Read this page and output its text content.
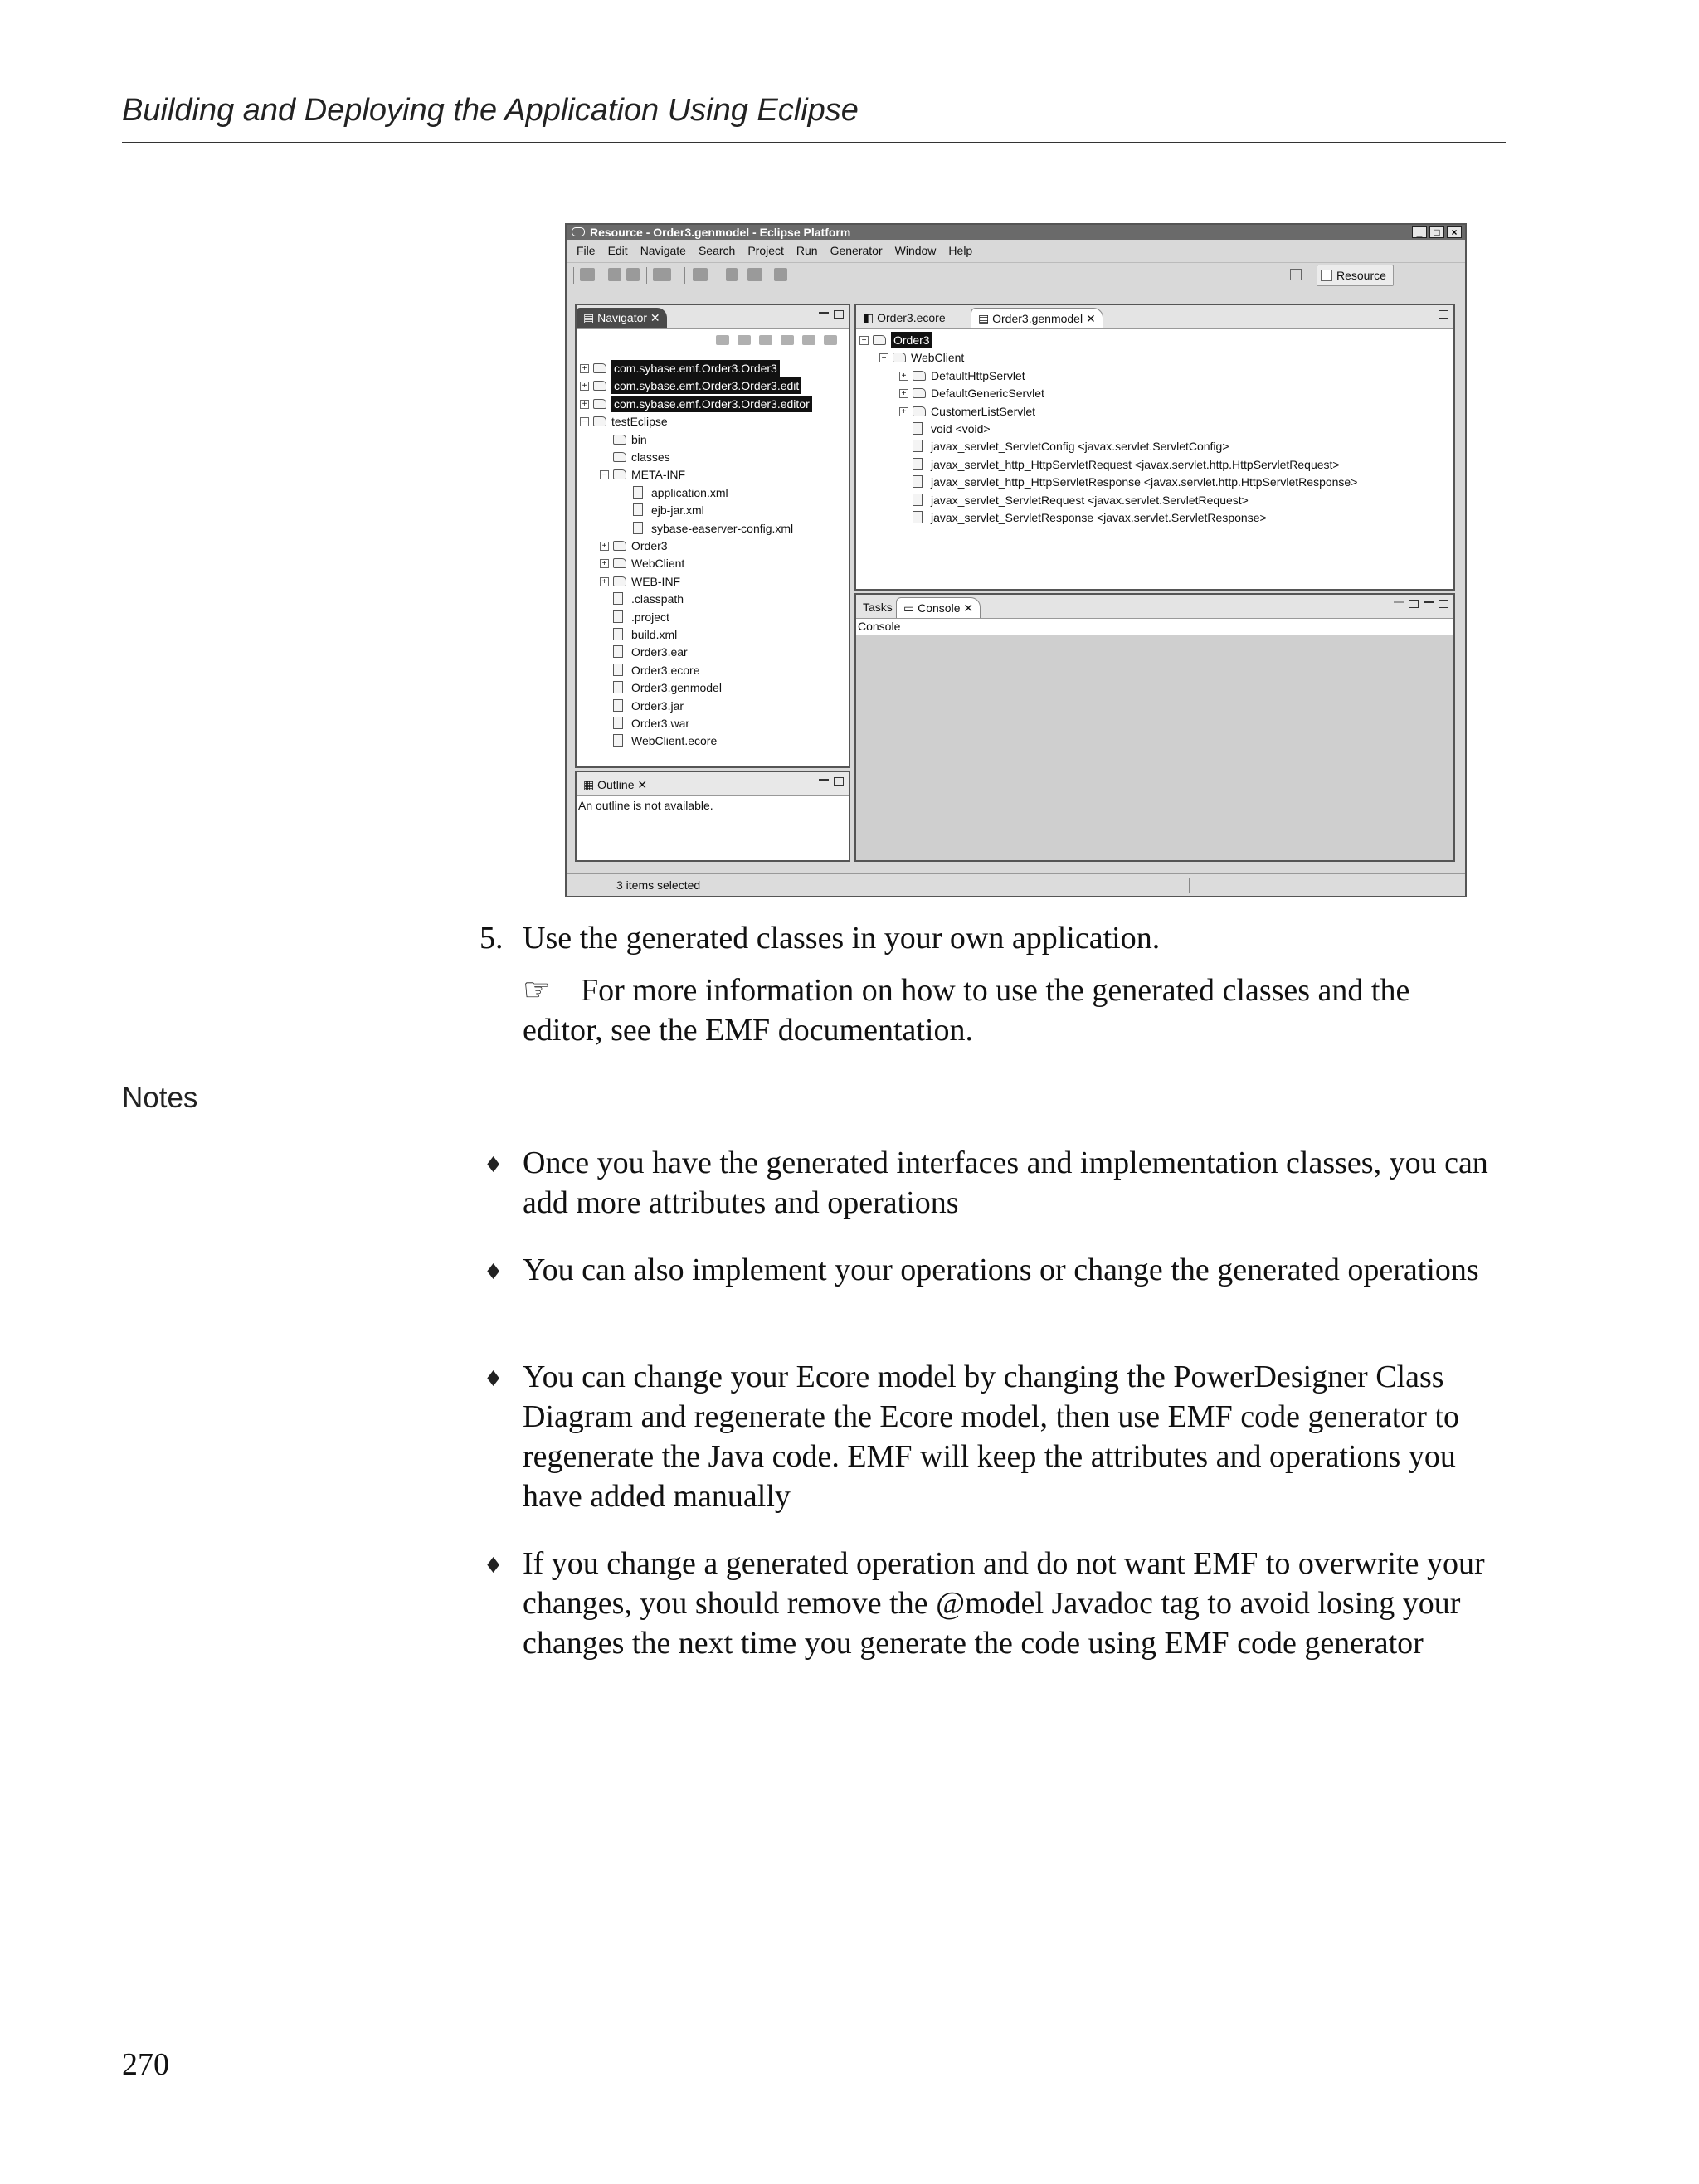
Building and Deploying the Application Using Eclipse
Resource - Order3.genmodel - Eclipse Platform	_	□	×
File Edit Navigate Search Project Run Generator Window Help
Resource
▤ Navigator ✕
+ com.sybase.emf.Order3.Order3
+ com.sybase.emf.Order3.Order3.edit
+ com.sybase.emf.Order3.Order3.editor
− testEclipse
bin
classes
− META-INF
application.xml
ejb-jar.xml
sybase-easerver-config.xml
+ Order3
+ WebClient
+ WEB-INF
.classpath
.project
build.xml
Order3.ear
Order3.ecore
Order3.genmodel
Order3.jar
Order3.war
WebClient.ecore
▦ Outline ✕
An outline is not available.
◧ Order3.ecore	▤ Order3.genmodel ✕
− Order3
− WebClient
+ DefaultHttpServlet
+ DefaultGenericServlet
+ CustomerListServlet
void <void>
javax_servlet_ServletConfig <javax.servlet.ServletConfig>
javax_servlet_http_HttpServletRequest <javax.servlet.http.HttpServletRequest>
javax_servlet_http_HttpServletResponse <javax.servlet.http.HttpServletResponse>
javax_servlet_ServletRequest <javax.servlet.ServletRequest>
javax_servlet_ServletResponse <javax.servlet.ServletResponse>
Tasks ▭ Console ✕
Console
3 items selected
5. Use the generated classes in your own application.
☞ For more information on how to use the generated classes and the editor, see the EMF documentation.
Notes
♦ Once you have the generated interfaces and implementation classes, you can add more attributes and operations
♦ You can also implement your operations or change the generated operations
♦ You can change your Ecore model by changing the PowerDesigner Class Diagram and regenerate the Ecore model, then use EMF code generator to regenerate the Java code. EMF will keep the attributes and operations you have added manually
♦ If you change a generated operation and do not want EMF to overwrite your changes, you should remove the @model Javadoc tag to avoid losing your changes the next time you generate the code using EMF code generator
270
